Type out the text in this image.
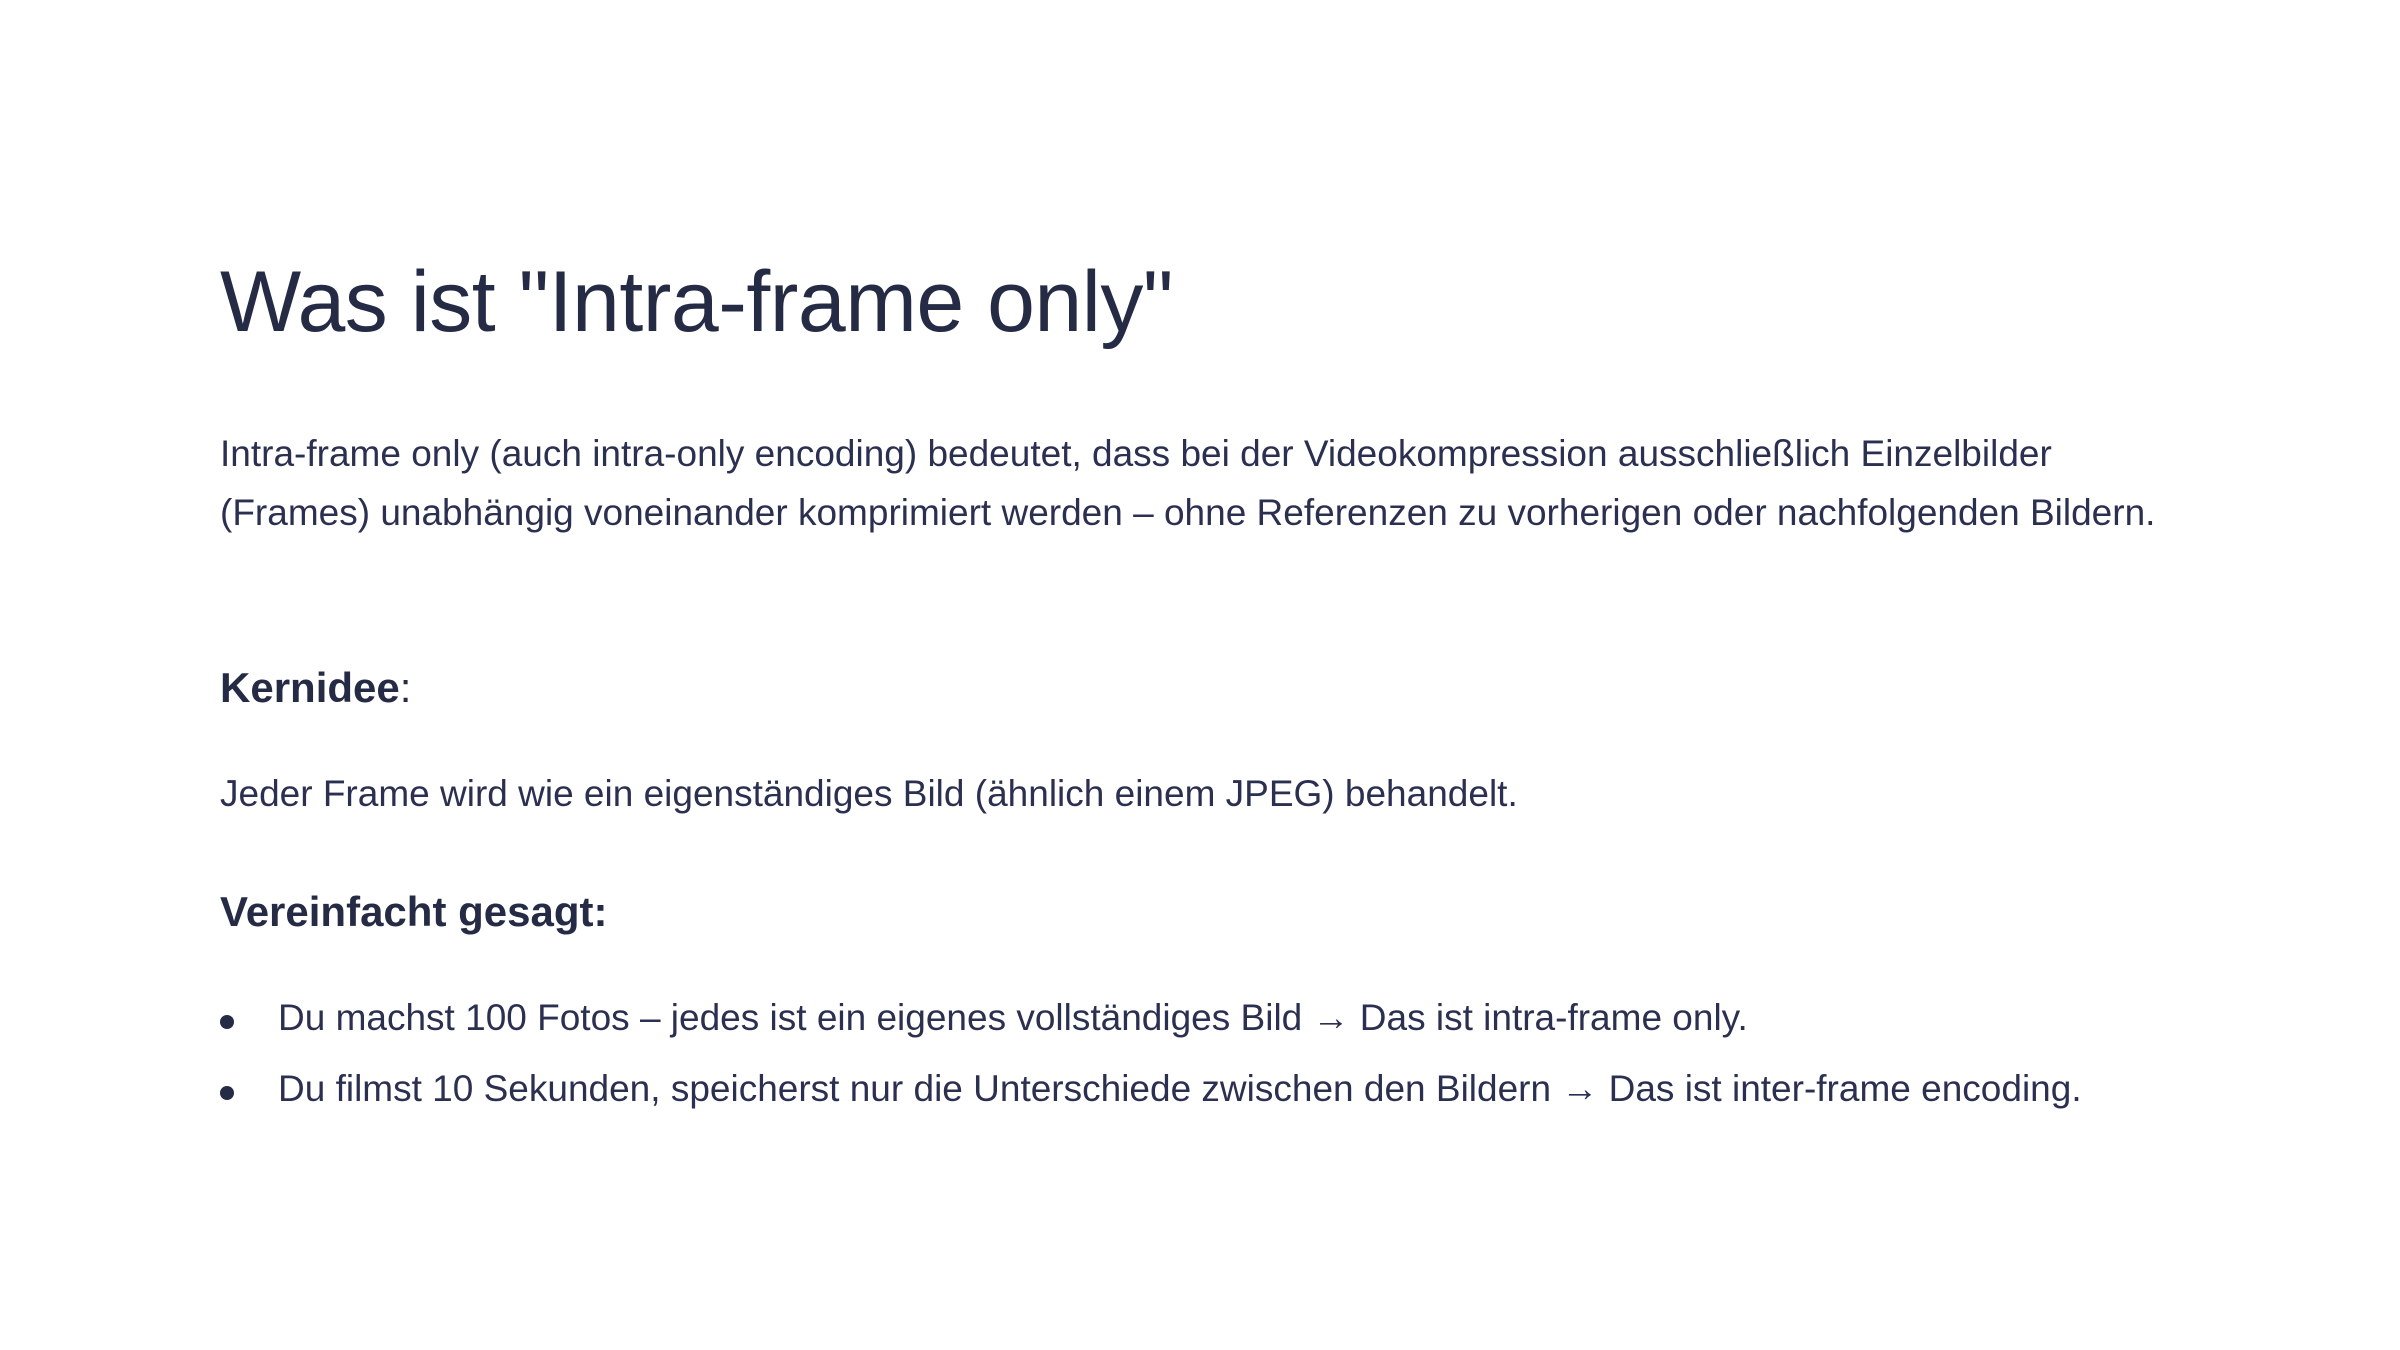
Was ist "Intra-frame only"

Intra-frame only (auch intra-only encoding) bedeutet, dass bei der Videokompression ausschließlich Einzelbilder (Frames) unabhängig voneinander komprimiert werden – ohne Referenzen zu vorherigen oder nachfolgenden Bildern.

Kernidee:

Jeder Frame wird wie ein eigenständiges Bild (ähnlich einem JPEG) behandelt.

Vereinfacht gesagt:
Du machst 100 Fotos – jedes ist ein eigenes vollständiges Bild → Das ist intra-frame only.
Du filmst 10 Sekunden, speicherst nur die Unterschiede zwischen den Bildern → Das ist inter-frame encoding.
